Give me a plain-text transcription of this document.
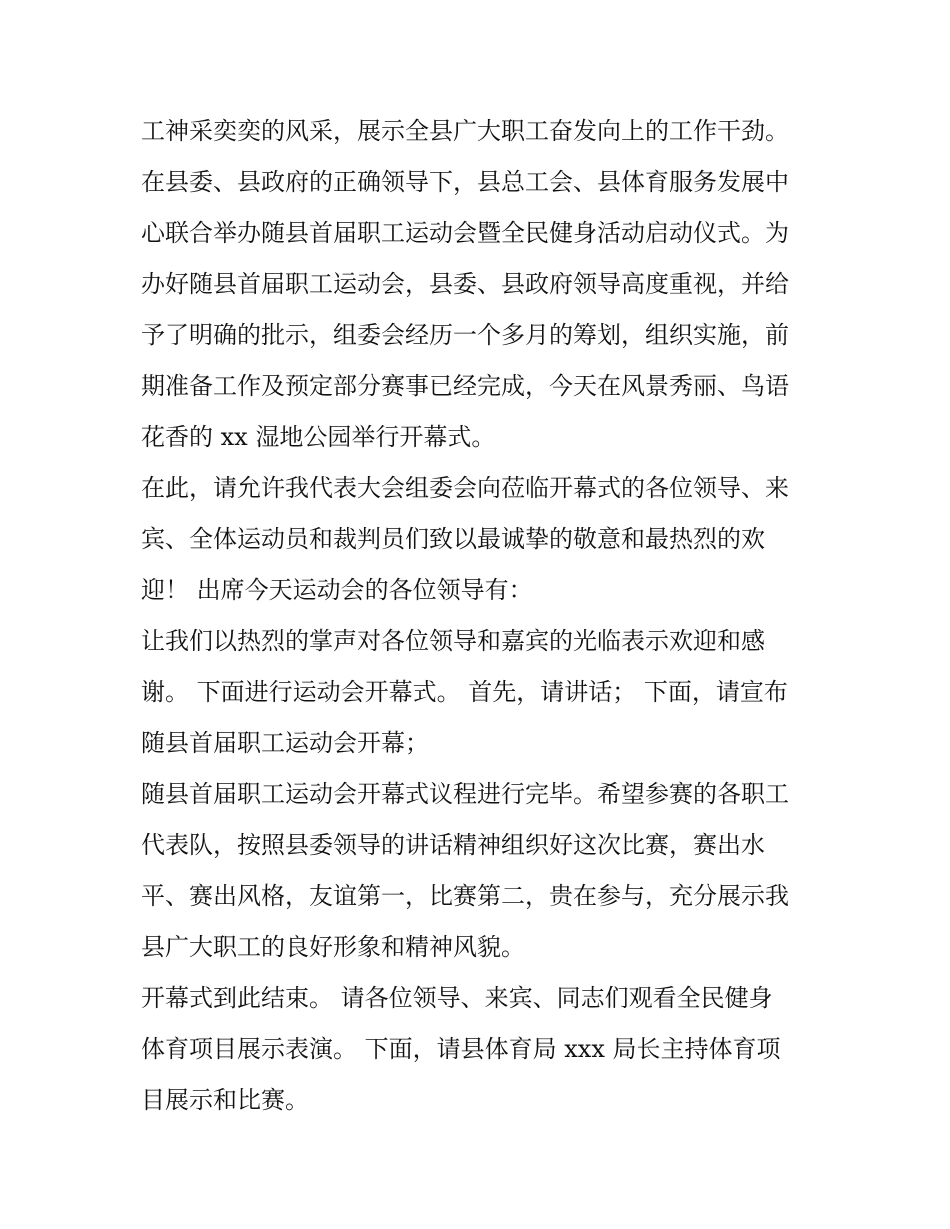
工神采奕奕的风采，展示全县广大职工奋发向上的工作干劲。
在县委、县政府的正确领导下，县总工会、县体育服务发展中
心联合举办随县首届职工运动会暨全民健身活动启动仪式。为
办好随县首届职工运动会，县委、县政府领导高度重视，并给
予了明确的批示，组委会经历一个多月的筹划，组织实施，前
期准备工作及预定部分赛事已经完成，今天在风景秀丽、鸟语
花香的 xx 湿地公园举行开幕式。
在此，请允许我代表大会组委会向莅临开幕式的各位领导、来
宾、全体运动员和裁判员们致以最诚挚的敬意和最热烈的欢
迎！ 出席今天运动会的各位领导有：
让我们以热烈的掌声对各位领导和嘉宾的光临表示欢迎和感
谢。 下面进行运动会开幕式。 首先，请讲话； 下面，请宣布
随县首届职工运动会开幕；
随县首届职工运动会开幕式议程进行完毕。希望参赛的各职工
代表队，按照县委领导的讲话精神组织好这次比赛，赛出水
平、赛出风格，友谊第一，比赛第二，贵在参与，充分展示我
县广大职工的良好形象和精神风貌。
开幕式到此结束。 请各位领导、来宾、同志们观看全民健身
体育项目展示表演。 下面，请县体育局 xxx 局长主持体育项
目展示和比赛。
